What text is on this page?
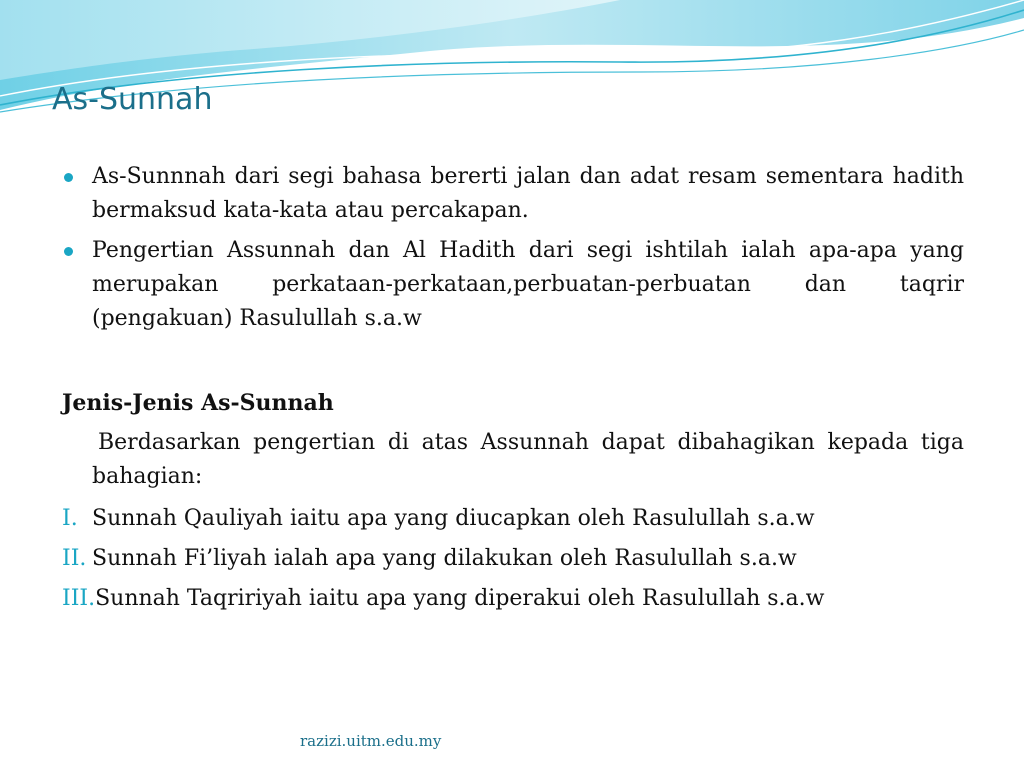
As-Sunnah
As-Sunnnah dari segi bahasa bererti jalan dan adat resam sementara hadith bermaksud kata-kata atau percakapan.
Pengertian Assunnah dan Al Hadith dari segi ishtilah ialah apa-apa yang merupakan perkataan-perkataan,perbuatan-perbuatan dan taqrir (pengakuan) Rasulullah s.a.w

Jenis-Jenis As-Sunnah

Berdasarkan pengertian di atas Assunnah dapat dibahagikan kepada tiga bahagian:

I. Sunnah Qauliyah iaitu apa yang diucapkan oleh Rasulullah s.a.w
II. Sunnah Fi’liyah ialah apa yang dilakukan oleh Rasulullah s.a.w
III.Sunnah Taqririyah iaitu apa yang diperakui oleh Rasulullah s.a.w
razizi.uitm.edu.my
